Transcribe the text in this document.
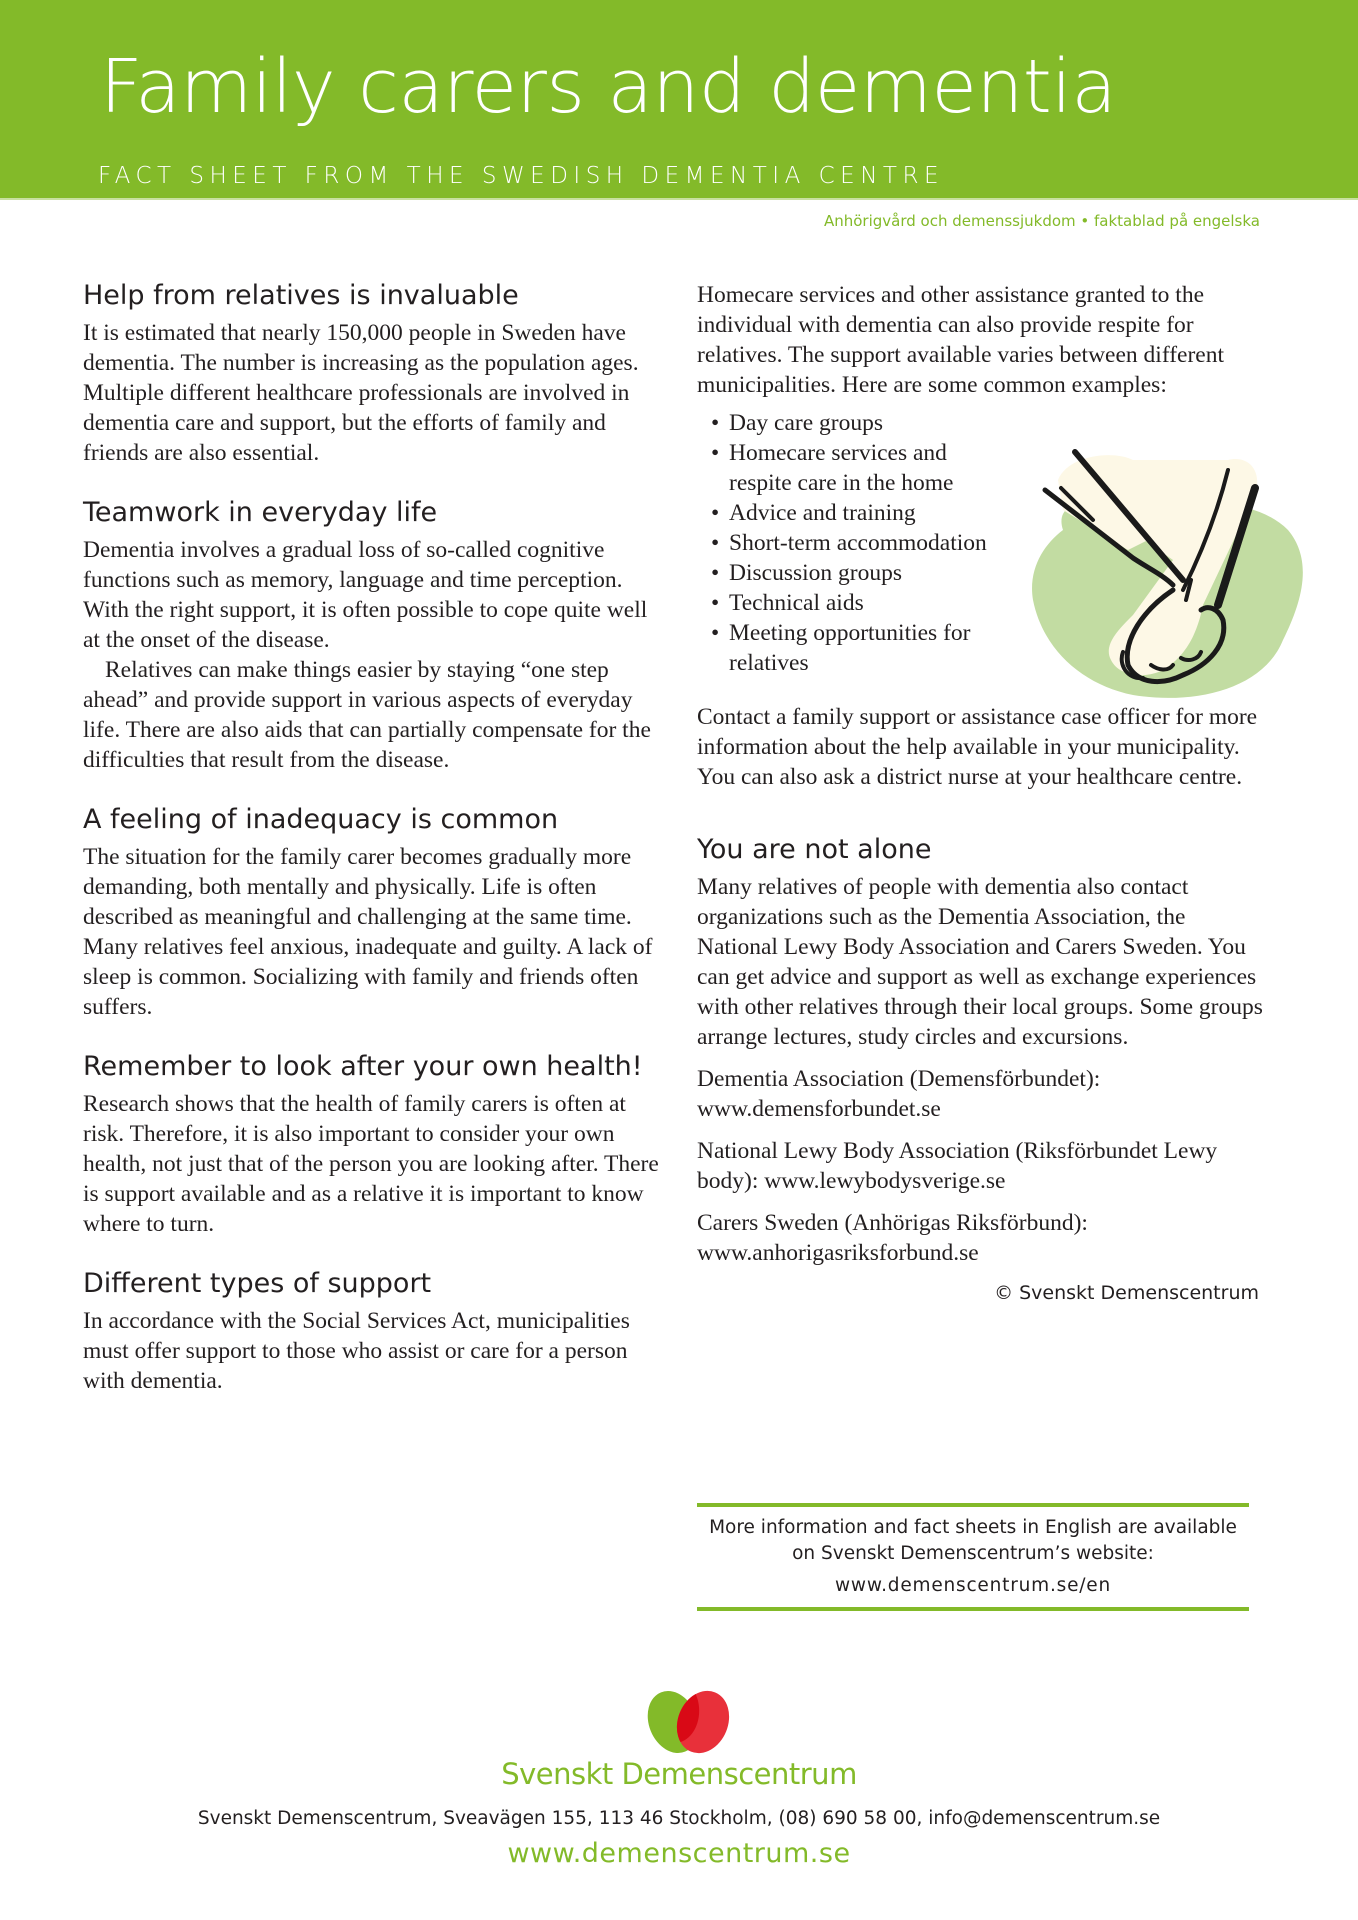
Family carers and dementia
FACT SHEET FROM THE SWEDISH DEMENTIA CENTRE
Anhörigvård och demenssjukdom • faktablad på engelska
Help from relatives is invaluable

It is estimated that nearly 150,000 people in Sweden have dementia. The number is increasing as the population ages. Multiple different healthcare professionals are involved in dementia care and support, but the efforts of family and friends are also essential.

Teamwork in everyday life

Dementia involves a gradual loss of so-called cognitive functions such as memory, language and time perception. With the right support, it is often possible to cope quite well at the onset of the disease.

Relatives can make things easier by staying “one step ahead” and provide support in various aspects of everyday life. There are also aids that can partially compensate for the difficulties that result from the disease.

A feeling of inadequacy is common

The situation for the family carer becomes gradually more demanding, both mentally and physically. Life is often described as meaningful and challenging at the same time. Many relatives feel anxious, inadequate and guilty. A lack of sleep is common. Socializing with family and friends often suffers.

Remember to look after your own health!

Research shows that the health of family carers is often at risk. Therefore, it is also important to consider your own health, not just that of the person you are looking after. There is support available and as a relative it is important to know where to turn.

Different types of support

In accordance with the Social Services Act, municipalities must offer support to those who assist or care for a person with dementia.

Homecare services and other assistance granted to the individual with dementia can also provide respite for relatives. The support available varies between different municipalities. Here are some common examples:

• Day care groups
• Homecare services and respite care in the home
• Advice and training
• Short-term accommodation
• Discussion groups
• Technical aids
• Meeting opportunities for relatives

Contact a family support or assistance case officer for more information about the help available in your municipality. You can also ask a district nurse at your healthcare centre.

You are not alone

Many relatives of people with dementia also contact organizations such as the Dementia Association, the National Lewy Body Association and Carers Sweden. You can get advice and support as well as exchange experiences with other relatives through their local groups. Some groups arrange lectures, study circles and excursions.

Dementia Association (Demensförbundet):

www.demensforbundet.se

National Lewy Body Association (Riksförbundet Lewy body): www.lewybodysverige.se

Carers Sweden (Anhörigas Riksförbund):

www.anhorigasriksforbund.se

© Svenskt Demenscentrum
More information and fact sheets in English are available on Svenskt Demenscentrum’s website:
www.demenscentrum.se/en
Svenskt Demenscentrum
Svenskt Demenscentrum, Sveavägen 155, 113 46 Stockholm, (08) 690 58 00, info@demenscentrum.se
www.demenscentrum.se
